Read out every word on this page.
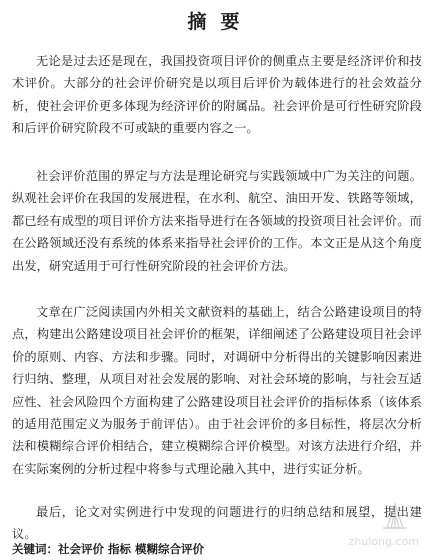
摘要

无论是过去还是现在，我国投资项目评价的侧重点主要是经济评价和技术评价。大部分的社会评价研究是以项目后评价为载体进行的社会效益分析，使社会评价更多体现为经济评价的附属品。社会评价是可行性研究阶段和后评价研究阶段不可或缺的重要内容之一。

社会评价范围的界定与方法是理论研究与实践领域中广为关注的问题。纵观社会评价在我国的发展进程，在水利、航空、油田开发、铁路等领域，都已经有成型的项目评价方法来指导进行在各领域的投资项目社会评价。而在公路领域还没有系统的体系来指导社会评价的工作。本文正是从这个角度出发，研究适用于可行性研究阶段的社会评价方法。

文章在广泛阅读国内外相关文献资料的基础上，结合公路建设项目的特点，构建出公路建设项目社会评价的框架，详细阐述了公路建设项目社会评价的原则、内容、方法和步骤。同时，对调研中分析得出的关键影响因素进行归纳、整理，从项目对社会发展的影响、对社会环境的影响，与社会互适应性、社会风险四个方面构建了公路建设项目社会评价的指标体系（该体系的适用范围定义为服务于前评估）。由于社会评价的多目标性，将层次分析法和模糊综合评价相结合，建立模糊综合评价模型。对该方法进行介绍，并在实际案例的分析过程中将参与式理论融入其中，进行实证分析。

最后，论文对实例进行中发现的问题进行的归纳总结和展望，提出建议。

关键词：社会评价 指标 模糊综合评价
zhulong.com
